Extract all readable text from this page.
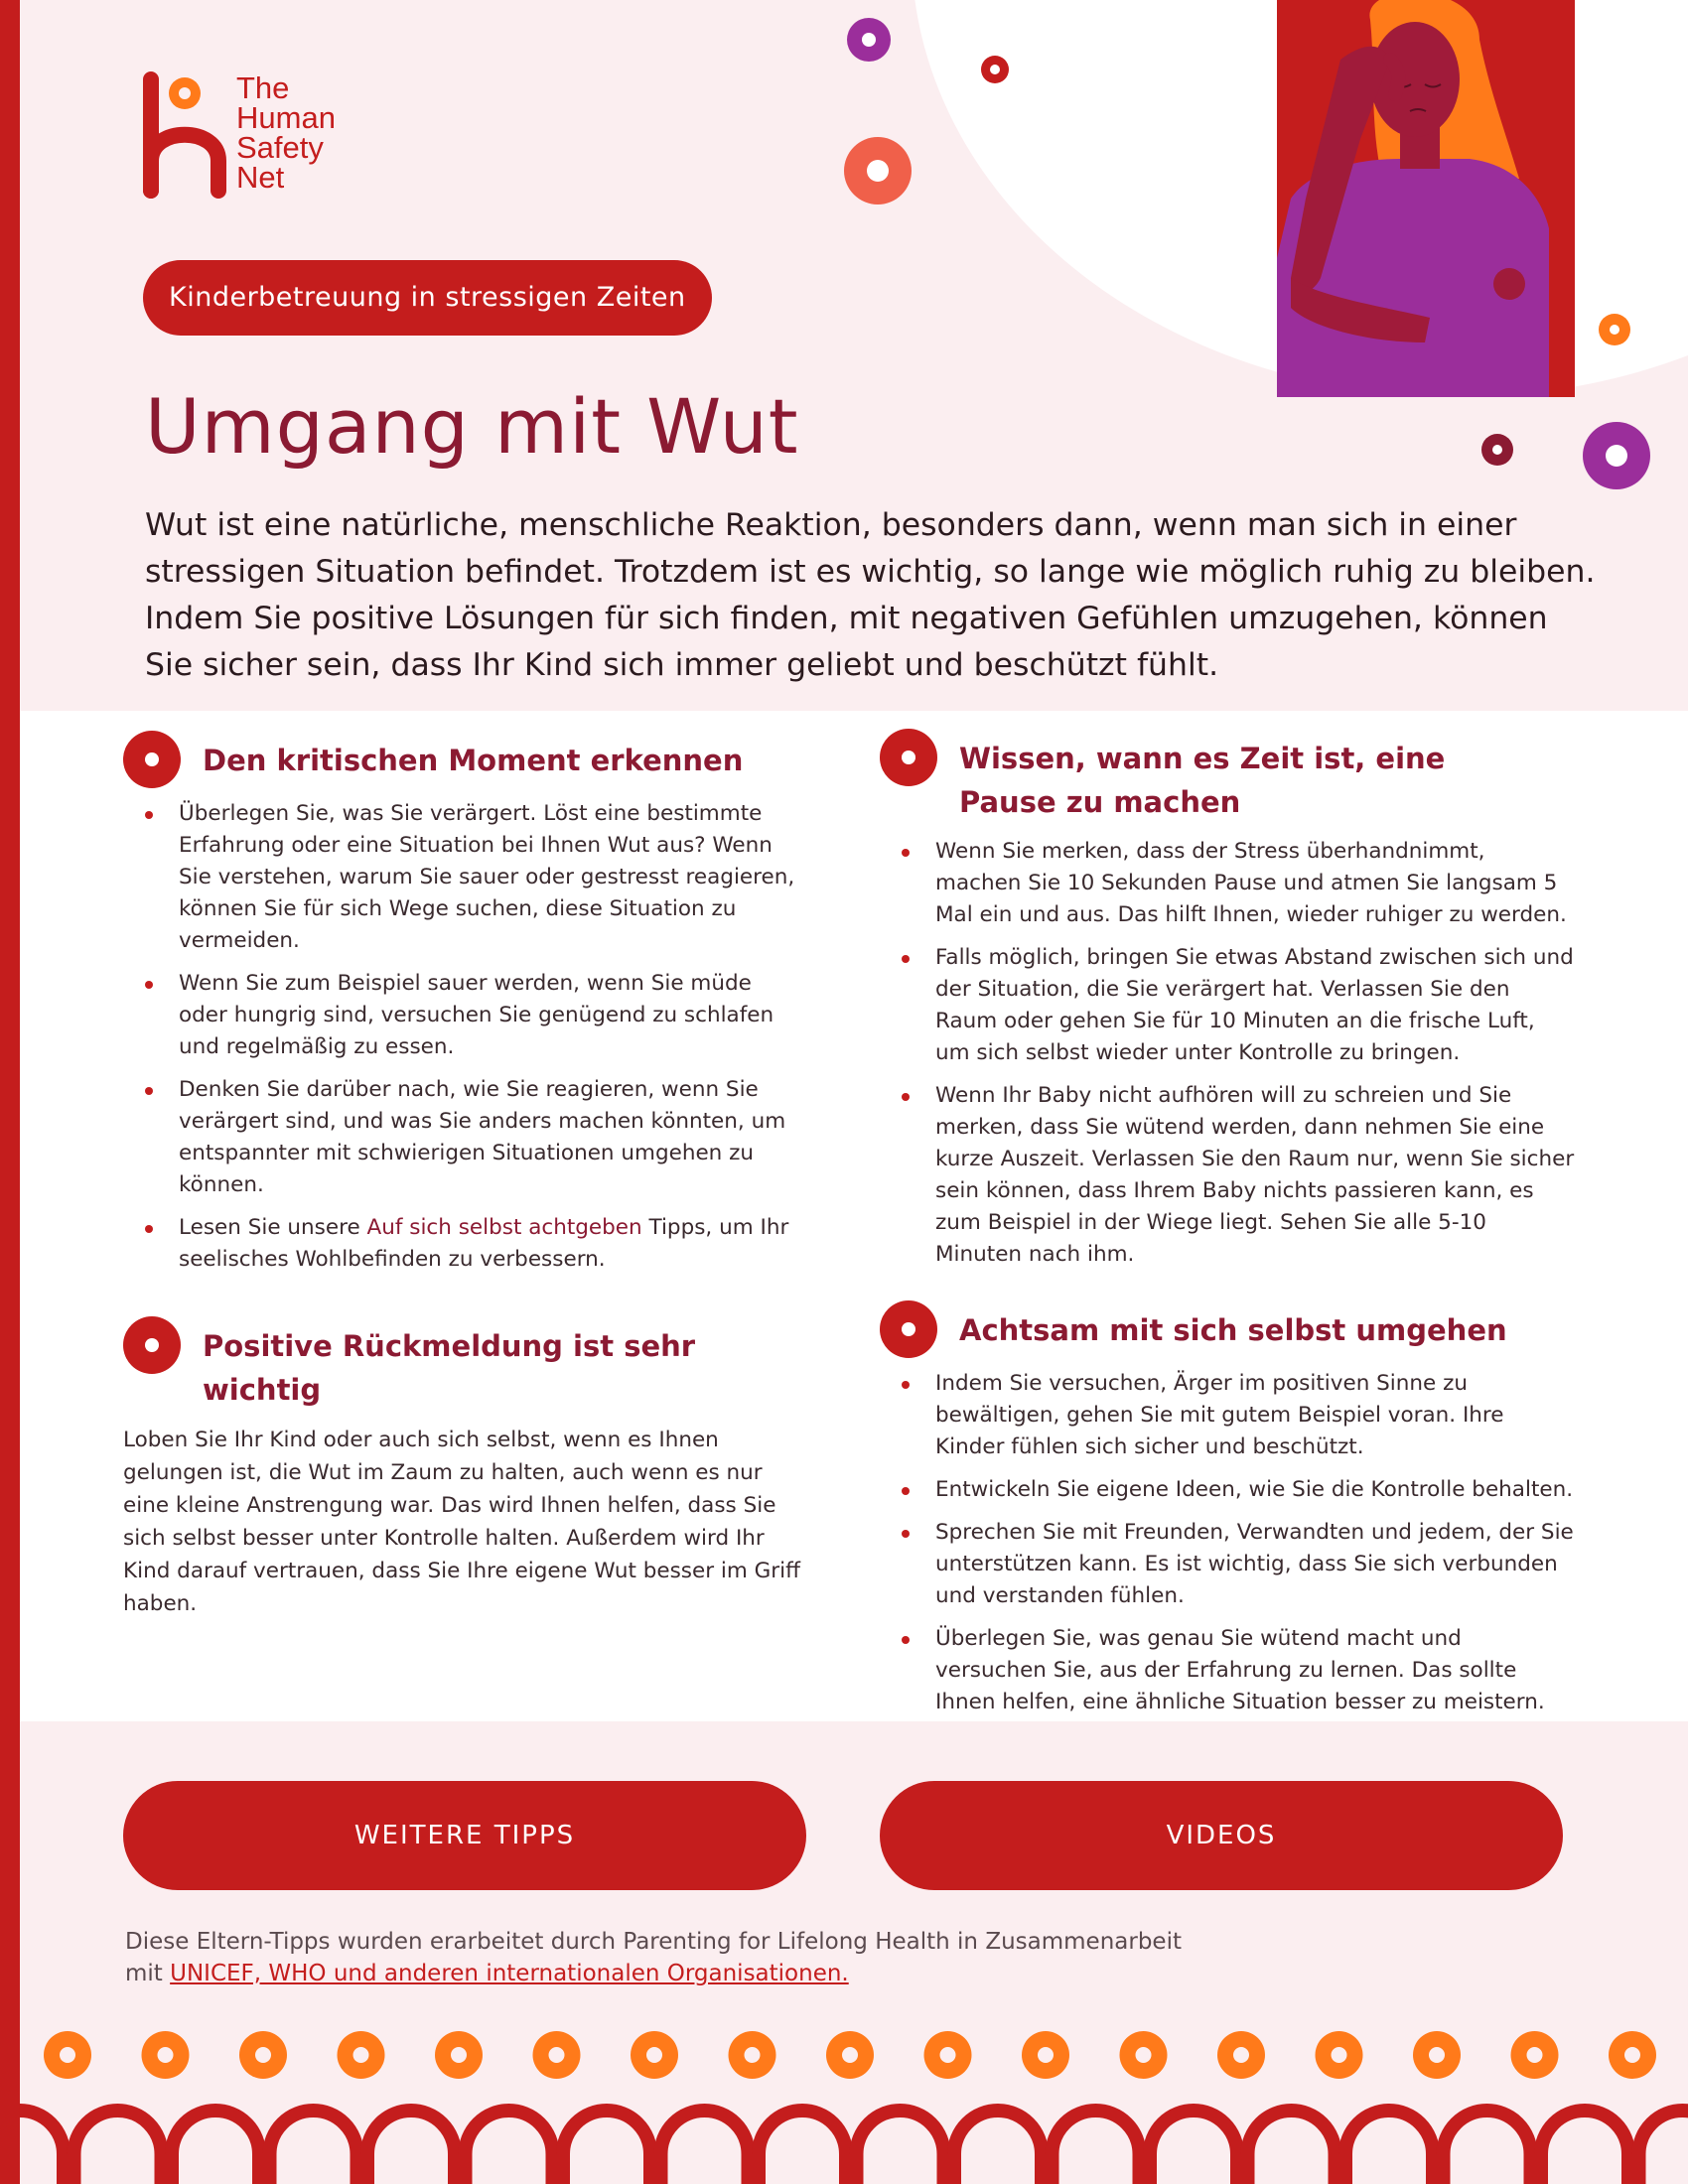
The
Human
Safety
Net
Kinderbetreuung in stressigen Zeiten
Umgang mit Wut

Wut ist eine natürliche, menschliche Reaktion, besonders dann, wenn man sich in einer stressigen Situation befindet. Trotzdem ist es wichtig, so lange wie möglich ruhig zu bleiben. Indem Sie positive Lösungen für sich finden, mit negativen Gefühlen umzugehen, können Sie sicher sein, dass Ihr Kind sich immer geliebt und beschützt fühlt.

Den kritischen Moment erkennen
Überlegen Sie, was Sie verärgert. Löst eine bestimmte Erfahrung oder eine Situation bei Ihnen Wut aus? Wenn Sie verstehen, warum Sie sauer oder gestresst reagieren, können Sie für sich Wege suchen, diese Situation zu vermeiden.
Wenn Sie zum Beispiel sauer werden, wenn Sie müde oder hungrig sind, versuchen Sie genügend zu schlafen und regelmäßig zu essen.
Denken Sie darüber nach, wie Sie reagieren, wenn Sie verärgert sind, und was Sie anders machen könnten, um entspannter mit schwierigen Situationen umgehen zu können.
Lesen Sie unsere Auf sich selbst achtgeben Tipps, um Ihr seelisches Wohlbefinden zu verbessern.
Positive Rückmeldung ist sehr wichtig

Loben Sie Ihr Kind oder auch sich selbst, wenn es Ihnen gelungen ist, die Wut im Zaum zu halten, auch wenn es nur eine kleine Anstrengung war. Das wird Ihnen helfen, dass Sie sich selbst besser unter Kontrolle halten. Außerdem wird Ihr Kind darauf vertrauen, dass Sie Ihre eigene Wut besser im Griff haben.

Wissen, wann es Zeit ist, eine Pause zu machen
Wenn Sie merken, dass der Stress überhandnimmt, machen Sie 10 Sekunden Pause und atmen Sie langsam 5 Mal ein und aus. Das hilft Ihnen, wieder ruhiger zu werden.
Falls möglich, bringen Sie etwas Abstand zwischen sich und der Situation, die Sie verärgert hat. Verlassen Sie den Raum oder gehen Sie für 10 Minuten an die frische Luft, um sich selbst wieder unter Kontrolle zu bringen.
Wenn Ihr Baby nicht aufhören will zu schreien und Sie merken, dass Sie wütend werden, dann nehmen Sie eine kurze Auszeit. Verlassen Sie den Raum nur, wenn Sie sicher sein können, dass Ihrem Baby nichts passieren kann, es zum Beispiel in der Wiege liegt. Sehen Sie alle 5-10 Minuten nach ihm.
Achtsam mit sich selbst umgehen
Indem Sie versuchen, Ärger im positiven Sinne zu bewältigen, gehen Sie mit gutem Beispiel voran. Ihre Kinder fühlen sich sicher und beschützt.
Entwickeln Sie eigene Ideen, wie Sie die Kontrolle behalten.
Sprechen Sie mit Freunden, Verwandten und jedem, der Sie unterstützen kann. Es ist wichtig, dass Sie sich verbunden und verstanden fühlen.
Überlegen Sie, was genau Sie wütend macht und versuchen Sie, aus der Erfahrung zu lernen. Das sollte Ihnen helfen, eine ähnliche Situation besser zu meistern.
WEITERE TIPPS	VIDEOS
Diese Eltern-Tipps wurden erarbeitet durch Parenting for Lifelong Health in Zusammenarbeit
mit UNICEF, WHO und anderen internationalen Organisationen.
